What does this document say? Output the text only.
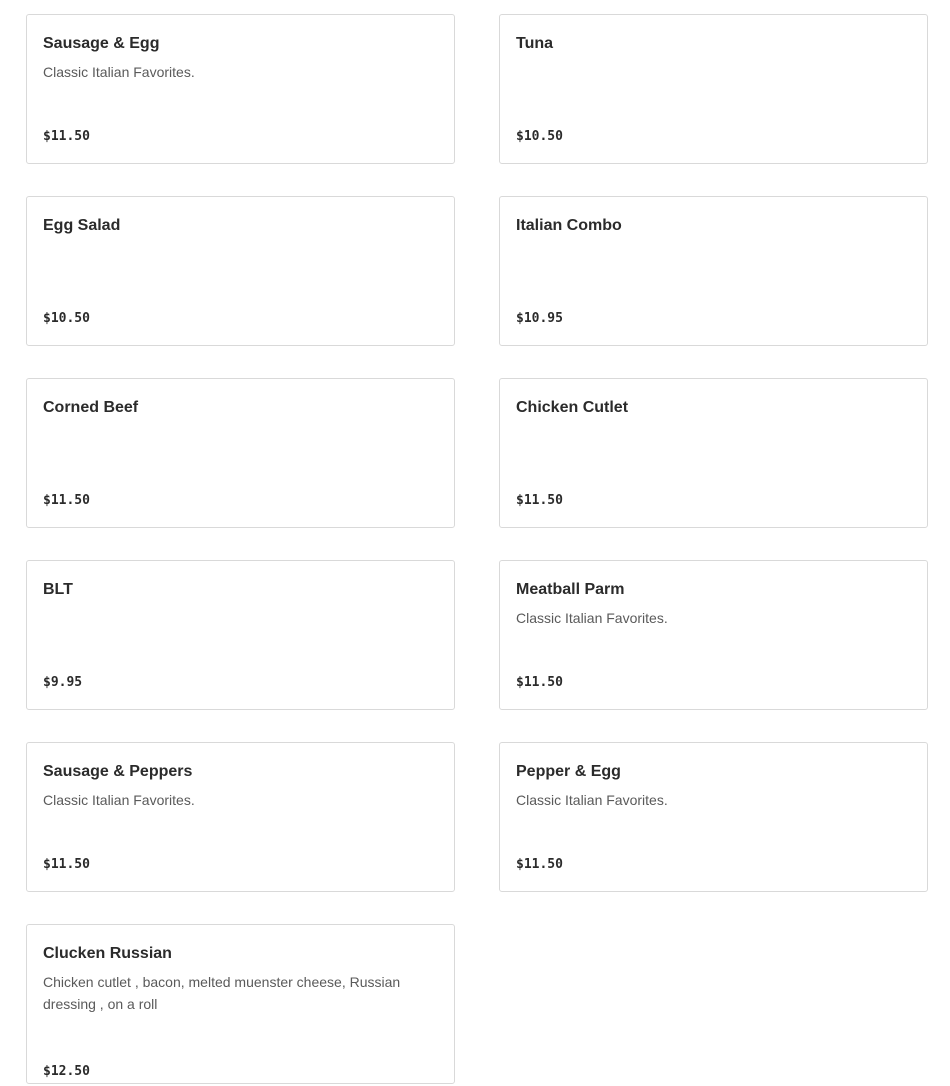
Sausage & Egg
Classic Italian Favorites.
$11.50
Tuna
$10.50
Egg Salad
$10.50
Italian Combo
$10.95
Corned Beef
$11.50
Chicken Cutlet
$11.50
BLT
$9.95
Meatball Parm
Classic Italian Favorites.
$11.50
Sausage & Peppers
Classic Italian Favorites.
$11.50
Pepper & Egg
Classic Italian Favorites.
$11.50
Clucken Russian
Chicken cutlet , bacon, melted muenster cheese, Russian dressing , on a roll
$12.50
